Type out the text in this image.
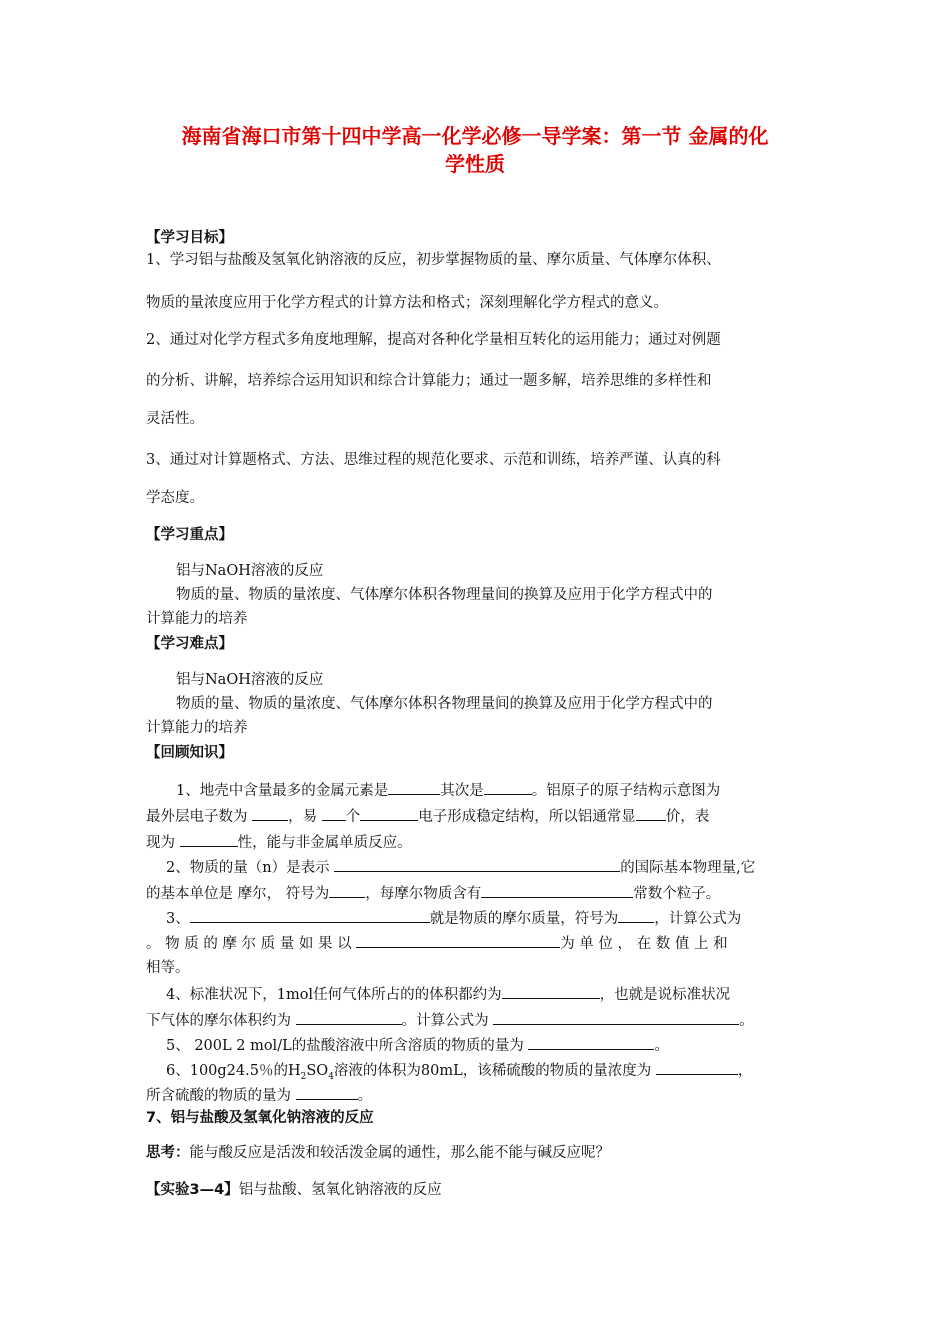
海南省海口市第十四中学高一化学必修一导学案：第一节 金属的化
学性质
【学习目标】
1、学习铝与盐酸及氢氧化钠溶液的反应，初步掌握物质的量、摩尔质量、气体摩尔体积、
物质的量浓度应用于化学方程式的计算方法和格式；深刻理解化学方程式的意义。
2、通过对化学方程式多角度地理解，提高对各种化学量相互转化的运用能力；通过对例题
的分析、讲解，培养综合运用知识和综合计算能力；通过一题多解，培养思维的多样性和
灵活性。
3、通过对计算题格式、方法、思维过程的规范化要求、示范和训练，培养严谨、认真的科
学态度。
【学习重点】
铝与NaOH溶液的反应
物质的量、物质的量浓度、气体摩尔体积各物理量间的换算及应用于化学方程式中的
计算能力的培养
【学习难点】
铝与NaOH溶液的反应
物质的量、物质的量浓度、气体摩尔体积各物理量间的换算及应用于化学方程式中的
计算能力的培养
【回顾知识】
1、地壳中含量最多的金属元素是	其次是	。铝原子的原子结构示意图为
最外层电子数为	，易 个	电子形成稳定结构，所以铝通常显 价，表
现为	性，能与非金属单质反应。
2、物质的量（n）是表示	的国际基本物理量,它
的基本单位是 摩尔， 符号为 ，每摩尔物质含有	常数个粒子。
3、	就是物质的摩尔质量，符号为 ，计算公式为
。 物 质 的 摩 尔 质 量 如 果 以	为 单 位 ， 在 数 值 上 和
相等。
4、标准状况下，1mol任何气体所占的的体积都约为	，也就是说标准状况
下气体的摩尔体积约为	。计算公式为	。
5、 200L 2 mol/L的盐酸溶液中所含溶质的物质的量为	。
6、100g24.5％的$H_2SO_4$溶液的体积为80mL，该稀硫酸的物质的量浓度为	，
所含硫酸的物质的量为	。
7、铝与盐酸及氢氧化钠溶液的反应
思考：能与酸反应是活泼和较活泼金属的通性，那么能不能与碱反应呢？
【实验3—4】铝与盐酸、氢氧化钠溶液的反应
